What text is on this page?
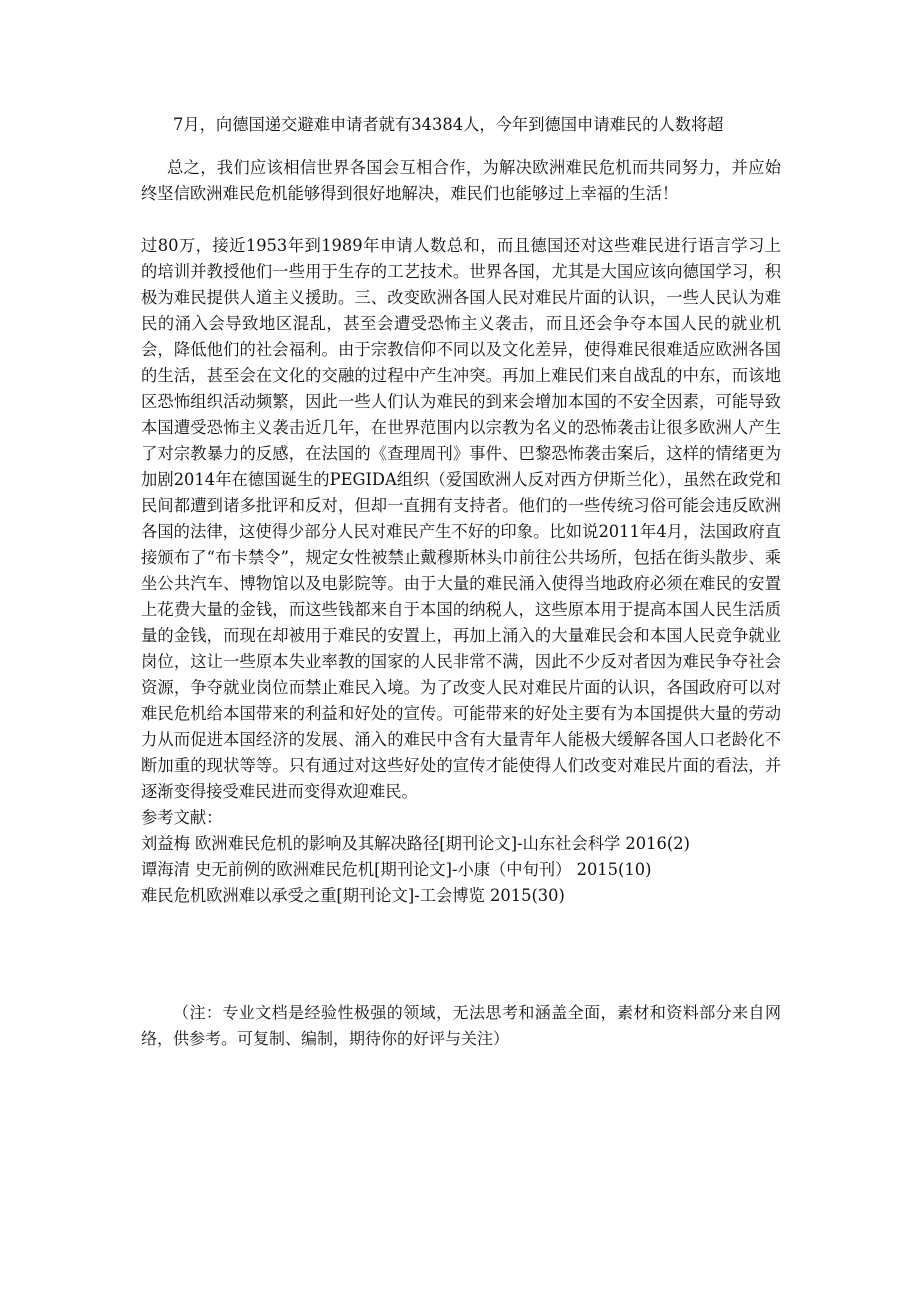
7月，向德国递交避难申请者就有34384人，今年到德国申请难民的人数将超

总之，我们应该相信世界各国会互相合作，为解决欧洲难民危机而共同努力，并应始终坚信欧洲难民危机能够得到很好地解决，难民们也能够过上幸福的生活！

过80万，接近1953年到1989年申请人数总和，而且德国还对这些难民进行语言学习上的培训并教授他们一些用于生存的工艺技术。世界各国，尤其是大国应该向德国学习，积极为难民提供人道主义援助。三、改变欧洲各国人民对难民片面的认识，一些人民认为难民的涌入会导致地区混乱，甚至会遭受恐怖主义袭击，而且还会争夺本国人民的就业机会，降低他们的社会福利。由于宗教信仰不同以及文化差异，使得难民很难适应欧洲各国的生活，甚至会在文化的交融的过程中产生冲突。再加上难民们来自战乱的中东，而该地区恐怖组织活动频繁，因此一些人们认为难民的到来会增加本国的不安全因素，可能导致本国遭受恐怖主义袭击近几年，在世界范围内以宗教为名义的恐怖袭击让很多欧洲人产生了对宗教暴力的反感，在法国的《查理周刊》事件、巴黎恐怖袭击案后，这样的情绪更为加剧2014年在德国诞生的PEGIDA组织（爱国欧洲人反对西方伊斯兰化），虽然在政党和民间都遭到诸多批评和反对，但却一直拥有支持者。他们的一些传统习俗可能会违反欧洲各国的法律，这使得少部分人民对难民产生不好的印象。比如说2011年4月，法国政府直接颁布了“布卡禁令”，规定女性被禁止戴穆斯林头巾前往公共场所，包括在街头散步、乘坐公共汽车、博物馆以及电影院等。由于大量的难民涌入使得当地政府必须在难民的安置上花费大量的金钱，而这些钱都来自于本国的纳税人，这些原本用于提高本国人民生活质量的金钱，而现在却被用于难民的安置上，再加上涌入的大量难民会和本国人民竞争就业岗位，这让一些原本失业率教的国家的人民非常不满，因此不少反对者因为难民争夺社会资源，争夺就业岗位而禁止难民入境。为了改变人民对难民片面的认识，各国政府可以对难民危机给本国带来的利益和好处的宣传。可能带来的好处主要有为本国提供大量的劳动力从而促进本国经济的发展、涌入的难民中含有大量青年人能极大缓解各国人口老龄化不断加重的现状等等。只有通过对这些好处的宣传才能使得人们改变对难民片面的看法，并逐渐变得接受难民进而变得欢迎难民。

参考文献：
刘益梅 欧洲难民危机的影响及其解决路径[期刊论文]-山东社会科学 2016(2)
谭海清 史无前例的欧洲难民危机[期刊论文]-小康（中旬刊） 2015(10)
难民危机欧洲难以承受之重[期刊论文]-工会博览 2015(30)

（注：专业文档是经验性极强的领域，无法思考和涵盖全面，素材和资料部分来自网络，供参考。可复制、编制，期待你的好评与关注）
